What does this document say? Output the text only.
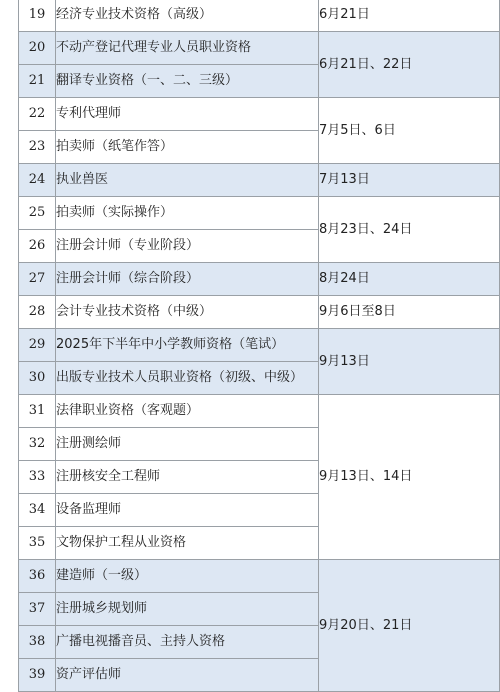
19	经济专业技术资格（高级）	6月21日
20	不动产登记代理专业人员职业资格	6月21日、22日
21	翻译专业资格（一、二、三级）	
22	专利代理师	7月5日、6日
23	拍卖师（纸笔作答）	
24	执业兽医	7月13日
25	拍卖师（实际操作）	8月23日、24日
26	注册会计师（专业阶段）	
27	注册会计师（综合阶段）	8月24日
28	会计专业技术资格（中级）	9月6日至8日
29	2025年下半年中小学教师资格（笔试）	9月13日
30	出版专业技术人员职业资格（初级、中级）	
31	法律职业资格（客观题）	9月13日、14日
32	注册测绘师	
33	注册核安全工程师	
34	设备监理师	
35	文物保护工程从业资格	
36	建造师（一级）	9月20日、21日
37	注册城乡规划师	
38	广播电视播音员、主持人资格	
39	资产评估师	
